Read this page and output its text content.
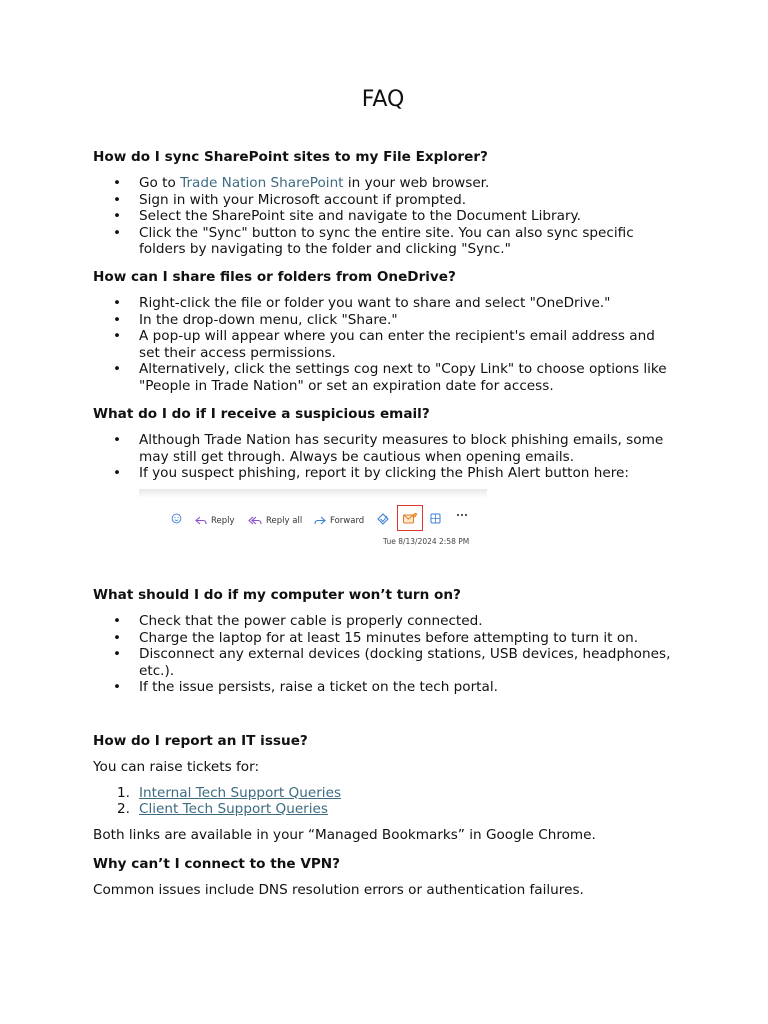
FAQ
How do I sync SharePoint sites to my File Explorer?
• Go to Trade Nation SharePoint in your web browser.
• Sign in with your Microsoft account if prompted.
• Select the SharePoint site and navigate to the Document Library.
• Click the "Sync" button to sync the entire site. You can also sync specific folders by navigating to the folder and clicking "Sync."
How can I share files or folders from OneDrive?
• Right-click the file or folder you want to share and select "OneDrive."
• In the drop-down menu, click "Share."
• A pop-up will appear where you can enter the recipient's email address and set their access permissions.
• Alternatively, click the settings cog next to "Copy Link" to choose options like "People in Trade Nation" or set an expiration date for access.
What do I do if I receive a suspicious email?
• Although Trade Nation has security measures to block phishing emails, some may still get through. Always be cautious when opening emails.
• If you suspect phishing, report it by clicking the Phish Alert button here:
Reply	Reply all	Forward
Tue 8/13/2024 2:58 PM
What should I do if my computer won’t turn on?
• Check that the power cable is properly connected.
• Charge the laptop for at least 15 minutes before attempting to turn it on.
• Disconnect any external devices (docking stations, USB devices, headphones, etc.).
• If the issue persists, raise a ticket on the tech portal.
How do I report an IT issue?

You can raise tickets for:

1. Internal Tech Support Queries
2. Client Tech Support Queries

Both links are available in your “Managed Bookmarks” in Google Chrome.

Why can’t I connect to the VPN?

Common issues include DNS resolution errors or authentication failures.
